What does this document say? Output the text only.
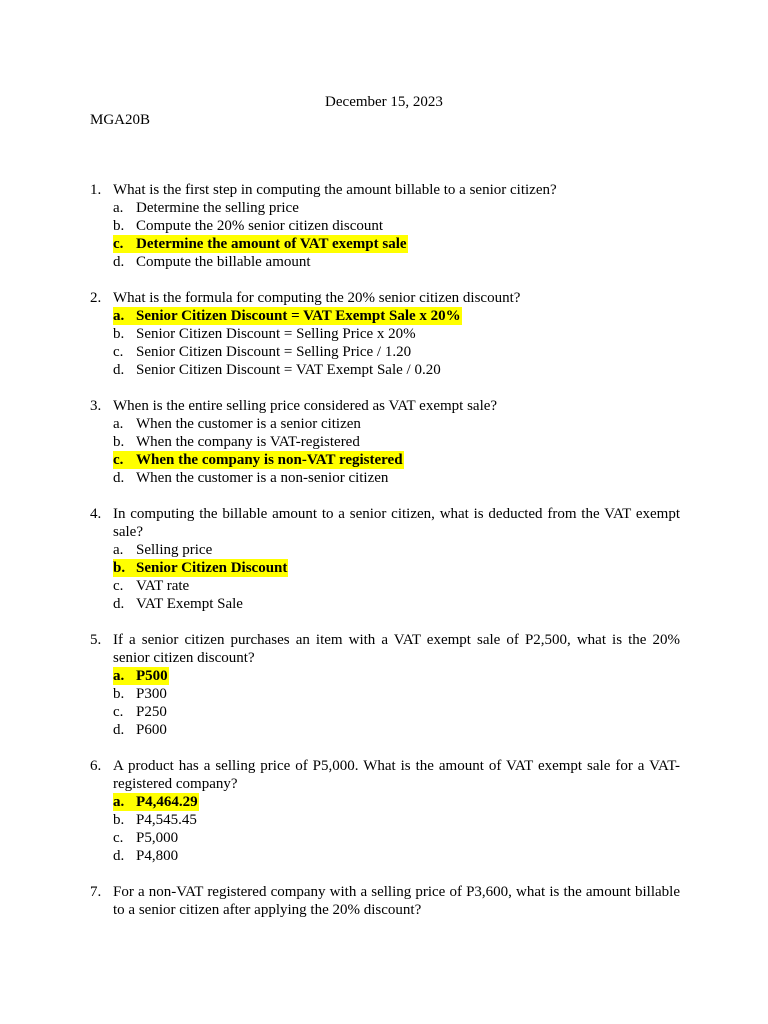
December 15, 2023
MGA20B
1. What is the first step in computing the amount billable to a senior citizen?
a. Determine the selling price
b. Compute the 20% senior citizen discount
c. Determine the amount of VAT exempt sale
d. Compute the billable amount
2. What is the formula for computing the 20% senior citizen discount?
a. Senior Citizen Discount = VAT Exempt Sale x 20%
b. Senior Citizen Discount = Selling Price x 20%
c. Senior Citizen Discount = Selling Price / 1.20
d. Senior Citizen Discount = VAT Exempt Sale / 0.20
3. When is the entire selling price considered as VAT exempt sale?
a. When the customer is a senior citizen
b. When the company is VAT-registered
c. When the company is non-VAT registered
d. When the customer is a non-senior citizen
4. In computing the billable amount to a senior citizen, what is deducted from the VAT exempt sale?
a. Selling price
b. Senior Citizen Discount
c. VAT rate
d. VAT Exempt Sale
5. If a senior citizen purchases an item with a VAT exempt sale of P2,500, what is the 20% senior citizen discount?
a. P500
b. P300
c. P250
d. P600
6. A product has a selling price of P5,000. What is the amount of VAT exempt sale for a VAT-registered company?
a. P4,464.29
b. P4,545.45
c. P5,000
d. P4,800
7. For a non-VAT registered company with a selling price of P3,600, what is the amount billable to a senior citizen after applying the 20% discount?
